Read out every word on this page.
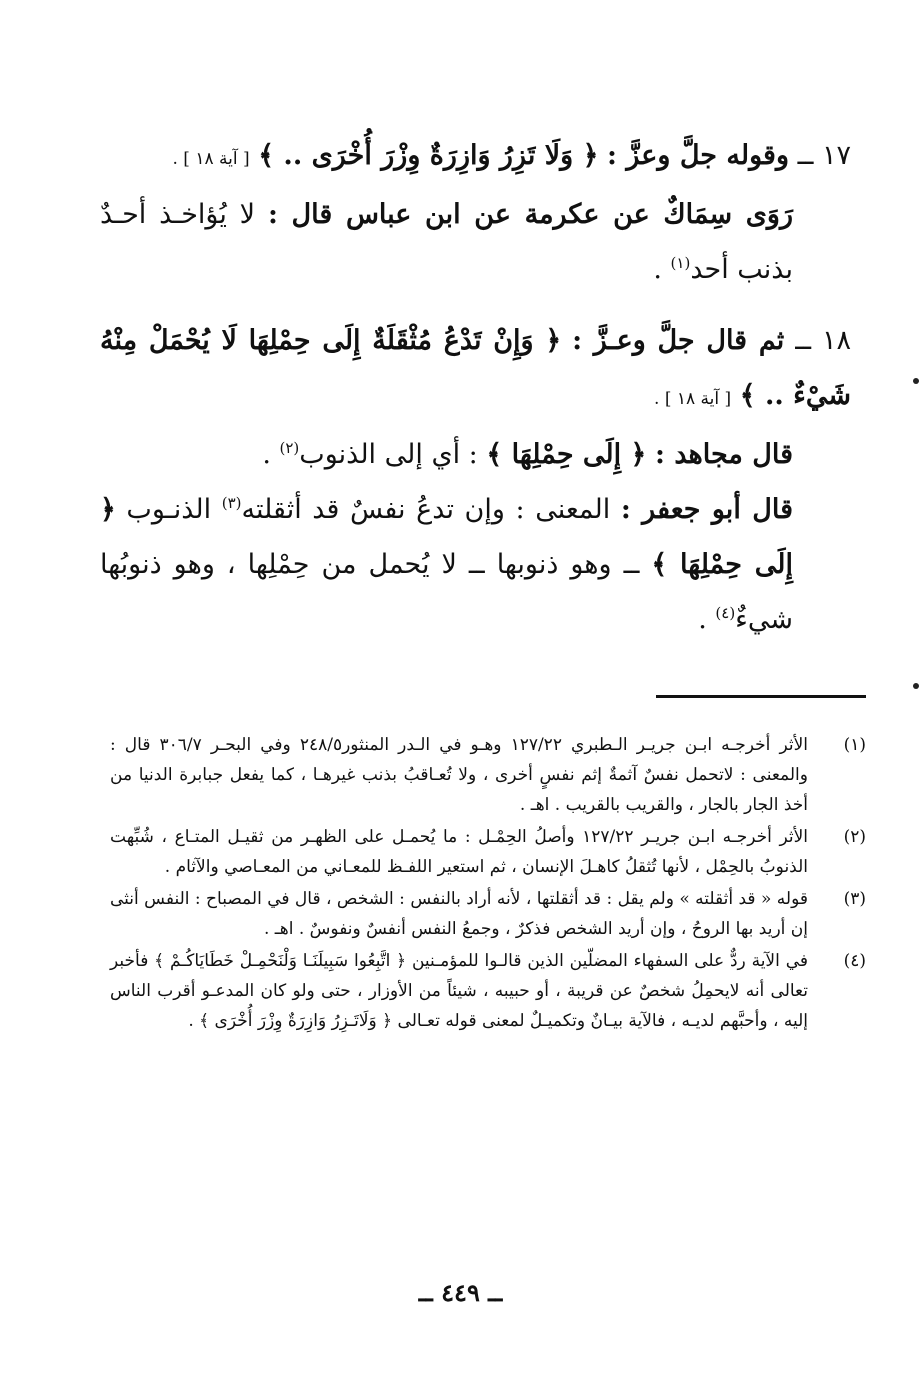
١٧ ــ وقوله جلَّ وعزَّ : ﴿ وَلَا تَزِرُ وَازِرَةٌ وِزْرَ أُخْرَى .. ﴾ [ آية ١٨ ] .

رَوَى سِمَاكٌ عن عكرمة عن ابن عباس قال : لا يُؤاخـذ أحـدٌ بذنب أحد$^{(١)}$ .

١٨ ــ ثم قال جلَّ وعـزَّ : ﴿ وَإِنْ تَدْعُ مُثْقَلَةٌ إِلَى حِمْلِهَا لَا يُحْمَلْ مِنْهُ شَيْءٌ .. ﴾ [ آية ١٨ ] .

قال مجاهد : ﴿ إِلَى حِمْلِهَا ﴾ : أي إلى الذنوب$^{(٢)}$ .

قال أبو جعفر : المعنى : وإن تدعُ نفسٌ قد أثقلته$^{(٣)}$ الذنـوب ﴿ إِلَى حِمْلِهَا ﴾ ــ وهو ذنوبها ــ لا يُحمل من حِمْلِها ، وهو ذنوبُها شيءٌ$^{(٤)}$ .

(١)
الأثر أخرجـه ابـن جريـر الـطبري ١٢٧/٢٢ وهـو في الـدر المنثور٢٤٨/٥ وفي البحـر ٣٠٦/٧ قال : والمعنى : لاتحمل نفسٌ آثمةٌ إثم نفسٍ أخرى ، ولا تُعـاقبُ بذنب غيرهـا ، كما يفعل جبابرة الدنيا من أخذ الجار بالجار ، والقريب بالقريب . اهـ .

(٢)
الأثر أخرجـه ابـن جريـر ١٢٧/٢٢ وأصلُ الحِمْـل : ما يُحمـل على الظهـر من ثقيـل المتـاع ، شُبِّهت الذنوبُ بالحِمْل ، لأنها تُثقلُ كاهـلَ الإنسان ، ثم استعير اللفـظ للمعـاني من المعـاصي والآثام .

(٣)
قوله « قد أثقلته » ولم يقل : قد أثقلتها ، لأنه أراد بالنفس : الشخص ، قال في المصباح : النفس أنثى إن أريد بها الروحُ ، وإن أريد الشخص فذكرٌ ، وجمعُ النفس أنفسٌ ونفوسٌ . اهـ .

(٤)
في الآية ردٌّ على السفهاء المضلّين الذين قالـوا للمؤمـنين ﴿ اتَّبِعُوا سَبِيلَنَـا وَلْنَحْمِـلْ خَطَايَاكُـمْ ﴾ فأخبر تعالى أنه لايحمِلُ شخصٌ عن قريبة ، أو حبيبه ، شيئاً من الأوزار ، حتى ولو كان المدعـو أقرب الناس إليه ، وأحبَّهم لديـه ، فالآية بيـانٌ وتكميـلٌ لمعنى قوله تعـالى ﴿ وَلَاتَـزِرُ وَازِرَةٌ وِزْرَ أُخْرَى ﴾ .

ــ ٤٤٩ ــ
